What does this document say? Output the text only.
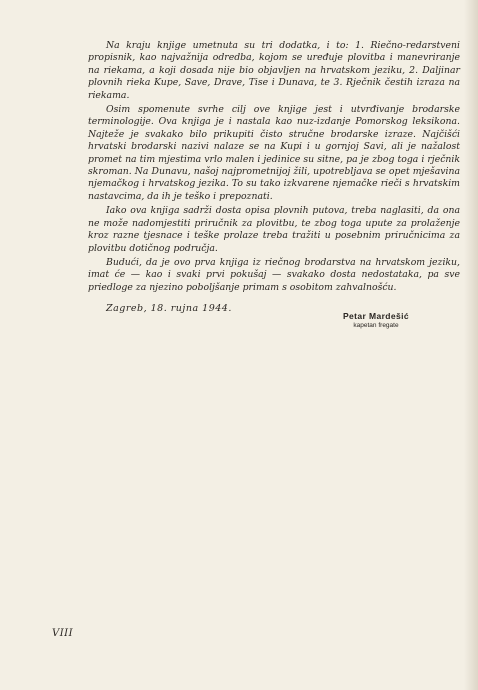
Na kraju knjige umetnuta su tri dodatka, i to: 1. Riečno-redarstveni propisnik, kao najvažnija odredba, kojom se uređuje plovitba i manevriranje na riekama, a koji dosada nije bio objavljen na hrvatskom jeziku, 2. Daljinar plovnih rieka Kupe, Save, Drave, Tise i Dunava, te 3. Rječnik čestih izraza na riekama.

Osim spomenute svrhe cilj ove knjige jest i utvrđivanje brodarske terminologije. Ova knjiga je i nastala kao nuz-izdanje Pomorskog leksikona. Najteže je svakako bilo prikupiti čisto stručne brodarske izraze. Najčišći hrvatski brodarski nazivi nalaze se na Kupi i u gornjoj Savi, ali je nažalost promet na tim mjestima vrlo malen i jedinice su sitne, pa je zbog toga i rječnik skroman. Na Dunavu, našoj najprometnijoj žili, upotrebljava se opet mješavina njemačkog i hrvatskog jezika. To su tako izkvarene njemačke rieči s hrvatskim nastavcima, da ih je teško i prepoznati.

Iako ova knjiga sadrži dosta opisa plovnih putova, treba naglasiti, da ona ne može nadomjestiti priručnik za plovitbu, te zbog toga upute za prolaženje kroz razne tjesnace i teške prolaze treba tražiti u posebnim priručnicima za plovitbu dotičnog područja.

Budući, da je ovo prva knjiga iz riečnog brodarstva na hrvatskom jeziku, imat će — kao i svaki prvi pokušaj — svakako dosta nedostataka, pa sve priedloge za njezino poboljšanje primam s osobitom zahvalnošću.

Zagreb, 18. rujna 1944.
Petar Mardešić
kapetan fregate
VIII
